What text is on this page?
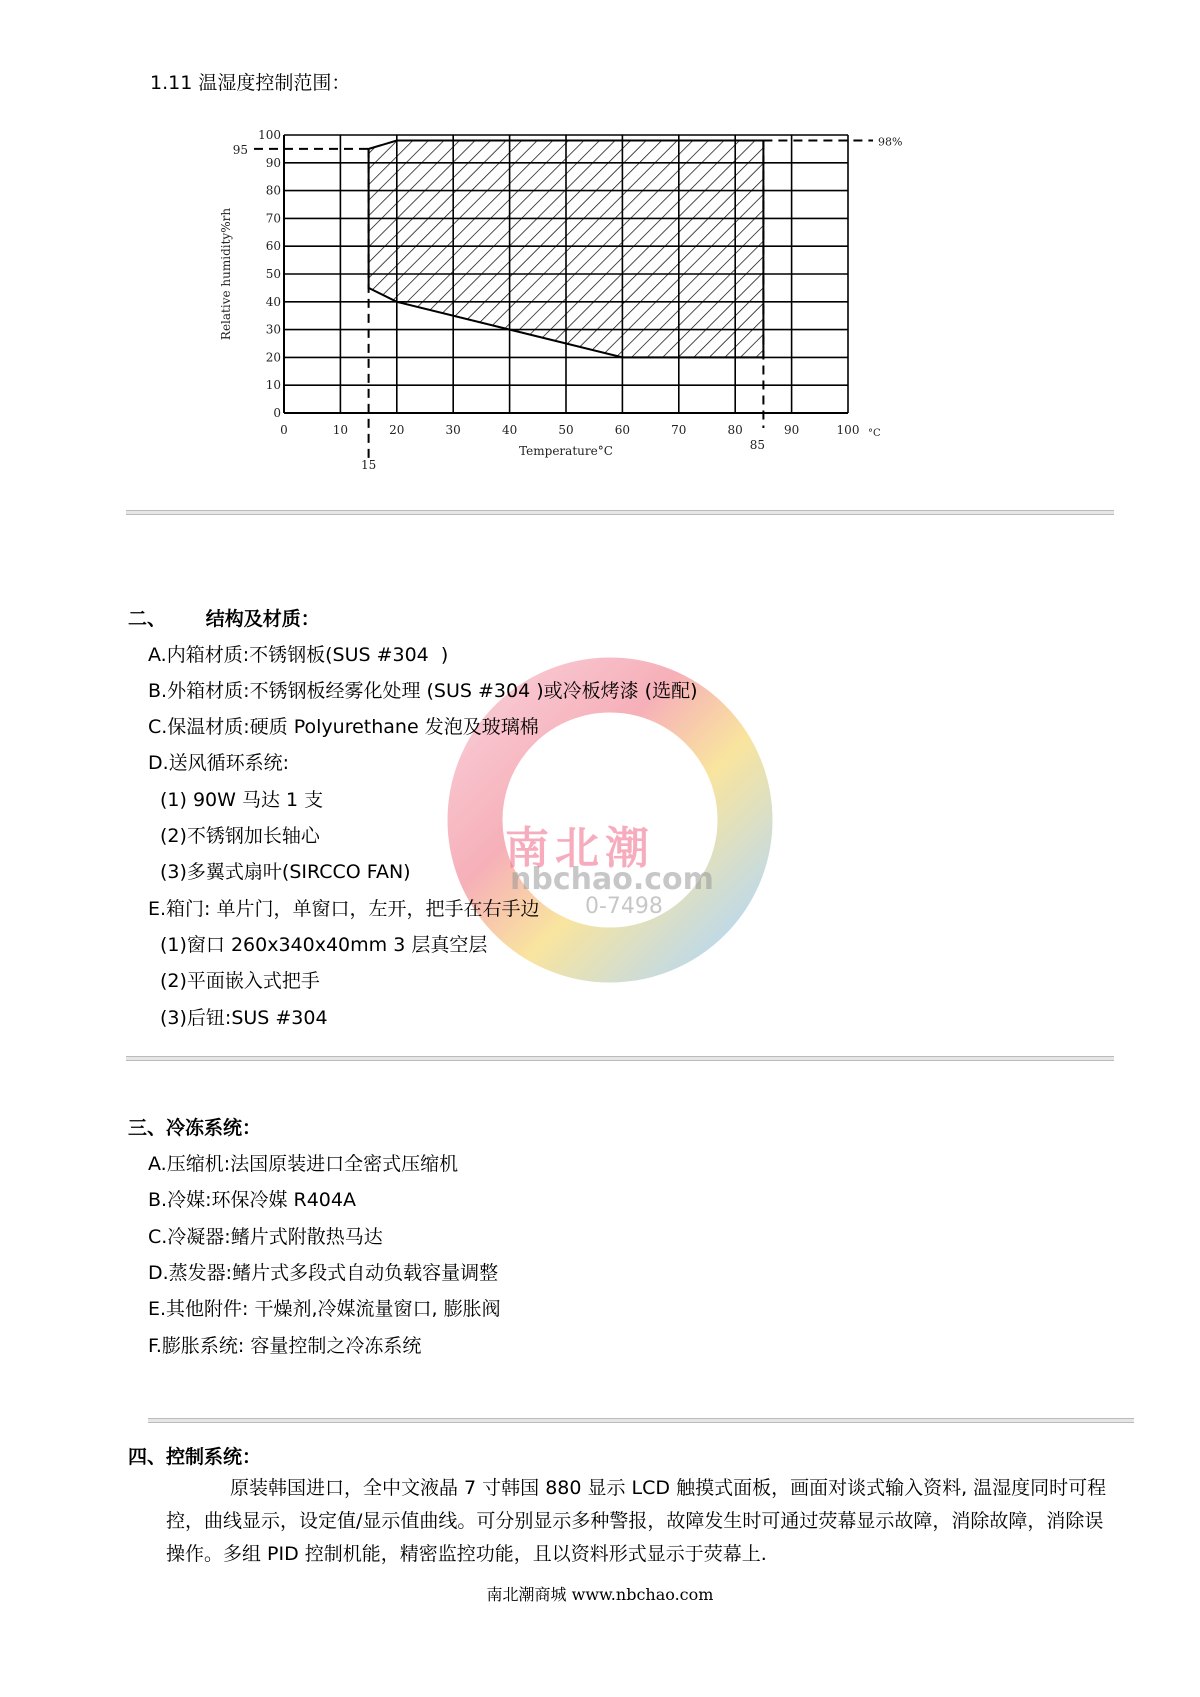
1.11 温湿度控制范围：
0	10	20	30	40	50	60	70	80	90	100
0
10
20
30
40
50
60
70
80
90
100
°C
15
85
95
98%
Temperature°C
Relative humidity%rh
南北潮
nbchao.com
0-7498
二、      结构及材质：
A.内箱材质:不锈钢板(SUS #304  )
B.外箱材质:不锈钢板经雾化处理 (SUS #304 )或冷板烤漆 (选配)
C.保温材质:硬质 Polyurethane 发泡及玻璃棉
D.送风循环系统:
(1) 90W 马达 1 支
(2)不锈钢加长轴心
(3)多翼式扇叶(SIRCCO FAN)
E.箱门: 单片门，单窗口，左开，把手在右手边
(1)窗口 260x340x40mm 3 层真空层
(2)平面嵌入式把手
(3)后钮:SUS #304
三、冷冻系统：
A.压缩机:法国原装进口全密式压缩机
B.冷媒:环保冷媒 R404A
C.冷凝器:鳍片式附散热马达
D.蒸发器:鳍片式多段式自动负载容量调整
E.其他附件: 干燥剂,冷媒流量窗口, 膨胀阀
F.膨胀系统: 容量控制之冷冻系统
四、控制系统：
原装韩国进口，全中文液晶 7 寸韩国 880 显示 LCD 触摸式面板，画面对谈式输入资料, 温湿度同时可程控，曲线显示，设定值/显示值曲线。可分别显示多种警报，故障发生时可通过荧幕显示故障，消除故障，消除误操作。多组 PID 控制机能，精密监控功能，且以资料形式显示于荧幕上.
南北潮商城 www.nbchao.com
